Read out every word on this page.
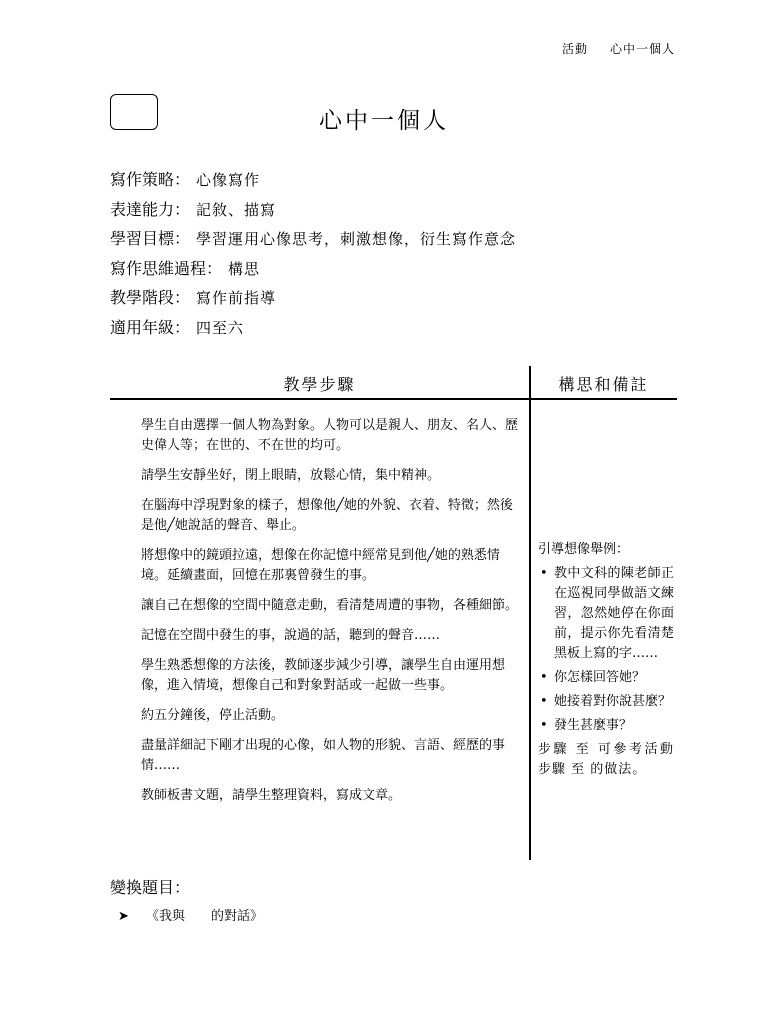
活動 心中一個人
心中一個人
寫作策略： 心像寫作
表達能力： 記敘、描寫
學習目標： 學習運用心像思考，刺激想像，衍生寫作意念
寫作思維過程： 構思
教學階段： 寫作前指導
適用年級： 四至六
教學步驟	構思和備註

學生自由選擇一個人物為對象。人物可以是親人、朋友、名人、歷史偉人等；在世的、不在世的均可。

請學生安靜坐好，閉上眼睛，放鬆心情，集中精神。

在腦海中浮現對象的樣子，想像他╱她的外貌、衣着、特徵；然後是他╱她說話的聲音、舉止。

將想像中的鏡頭拉遠，想像在你記憶中經常見到他╱她的熟悉情境。延續畫面，回憶在那裏曾發生的事。

讓自己在想像的空間中隨意走動，看清楚周遭的事物，各種細節。

記憶在空間中發生的事，說過的話，聽到的聲音……

學生熟悉想像的方法後，教師逐步減少引導，讓學生自由運用想像，進入情境，想像自己和對象對話或一起做一些事。

約五分鐘後，停止活動。

盡量詳細記下剛才出現的心像，如人物的形貌、言語、經歷的事情……

教師板書文題，請學生整理資料，寫成文章。

引導想像舉例：

• 教中文科的陳老師正在巡視同學做語文練習，忽然她停在你面前，提示你先看清楚黑板上寫的字……
• 你怎樣回答她？
• 她接着對你說甚麼？
• 發生甚麼事？

步驟 至 可參考活動 步驟 至 的做法。

變換題目：
➤ 《我與　　的對話》
